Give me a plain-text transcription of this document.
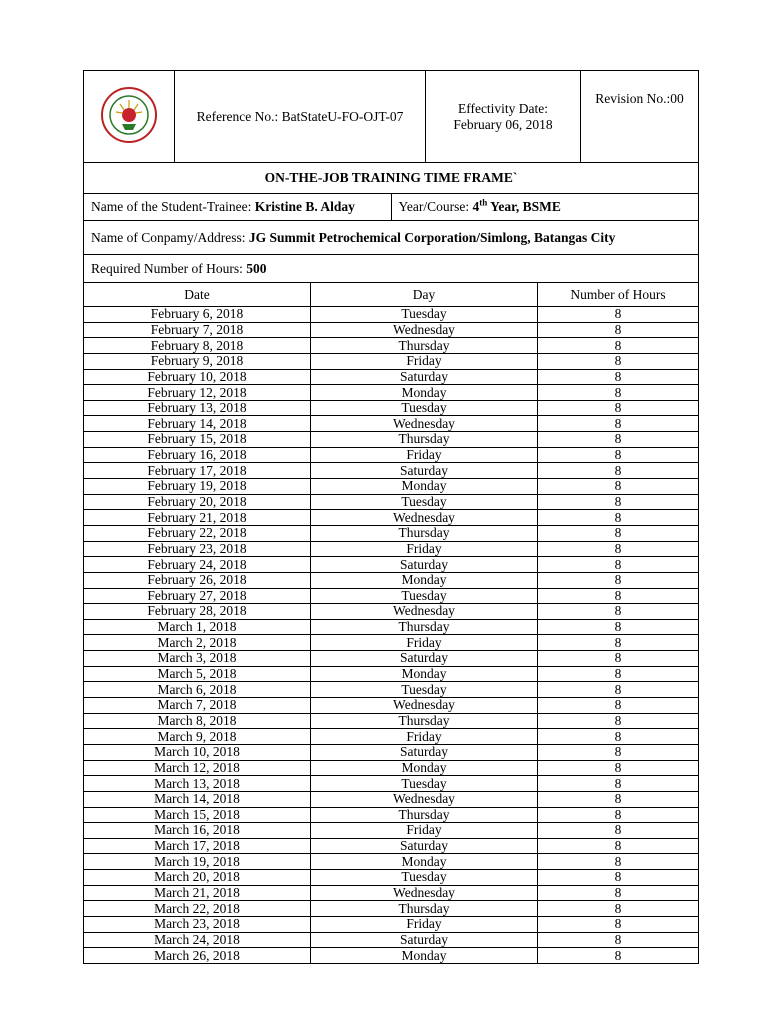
	Reference No.: BatStateU-FO-OJT-07	
Effectivity Date:
February 06, 2018
	Revision No.:00
ON-THE-JOB TRAINING TIME FRAME`
Name of the Student-Trainee: Kristine B. Alday	Year/Course: 4th Year, BSME
Name of Conpamy/Address: JG Summit Petrochemical Corporation/Simlong, Batangas City
Required Number of Hours: 500
Date	Day	Number of Hours
February 6, 2018	Tuesday	8
February 7, 2018	Wednesday	8
February 8, 2018	Thursday	8
February 9, 2018	Friday	8
February 10, 2018	Saturday	8
February 12, 2018	Monday	8
February 13, 2018	Tuesday	8
February 14, 2018	Wednesday	8
February 15, 2018	Thursday	8
February 16, 2018	Friday	8
February 17, 2018	Saturday	8
February 19, 2018	Monday	8
February 20, 2018	Tuesday	8
February 21, 2018	Wednesday	8
February 22, 2018	Thursday	8
February 23, 2018	Friday	8
February 24, 2018	Saturday	8
February 26, 2018	Monday	8
February 27, 2018	Tuesday	8
February 28, 2018	Wednesday	8
March 1, 2018	Thursday	8
March 2, 2018	Friday	8
March 3, 2018	Saturday	8
March 5, 2018	Monday	8
March 6, 2018	Tuesday	8
March 7, 2018	Wednesday	8
March 8, 2018	Thursday	8
March 9, 2018	Friday	8
March 10, 2018	Saturday	8
March 12, 2018	Monday	8
March 13, 2018	Tuesday	8
March 14, 2018	Wednesday	8
March 15, 2018	Thursday	8
March 16, 2018	Friday	8
March 17, 2018	Saturday	8
March 19, 2018	Monday	8
March 20, 2018	Tuesday	8
March 21, 2018	Wednesday	8
March 22, 2018	Thursday	8
March 23, 2018	Friday	8
March 24, 2018	Saturday	8
March 26, 2018	Monday	8
